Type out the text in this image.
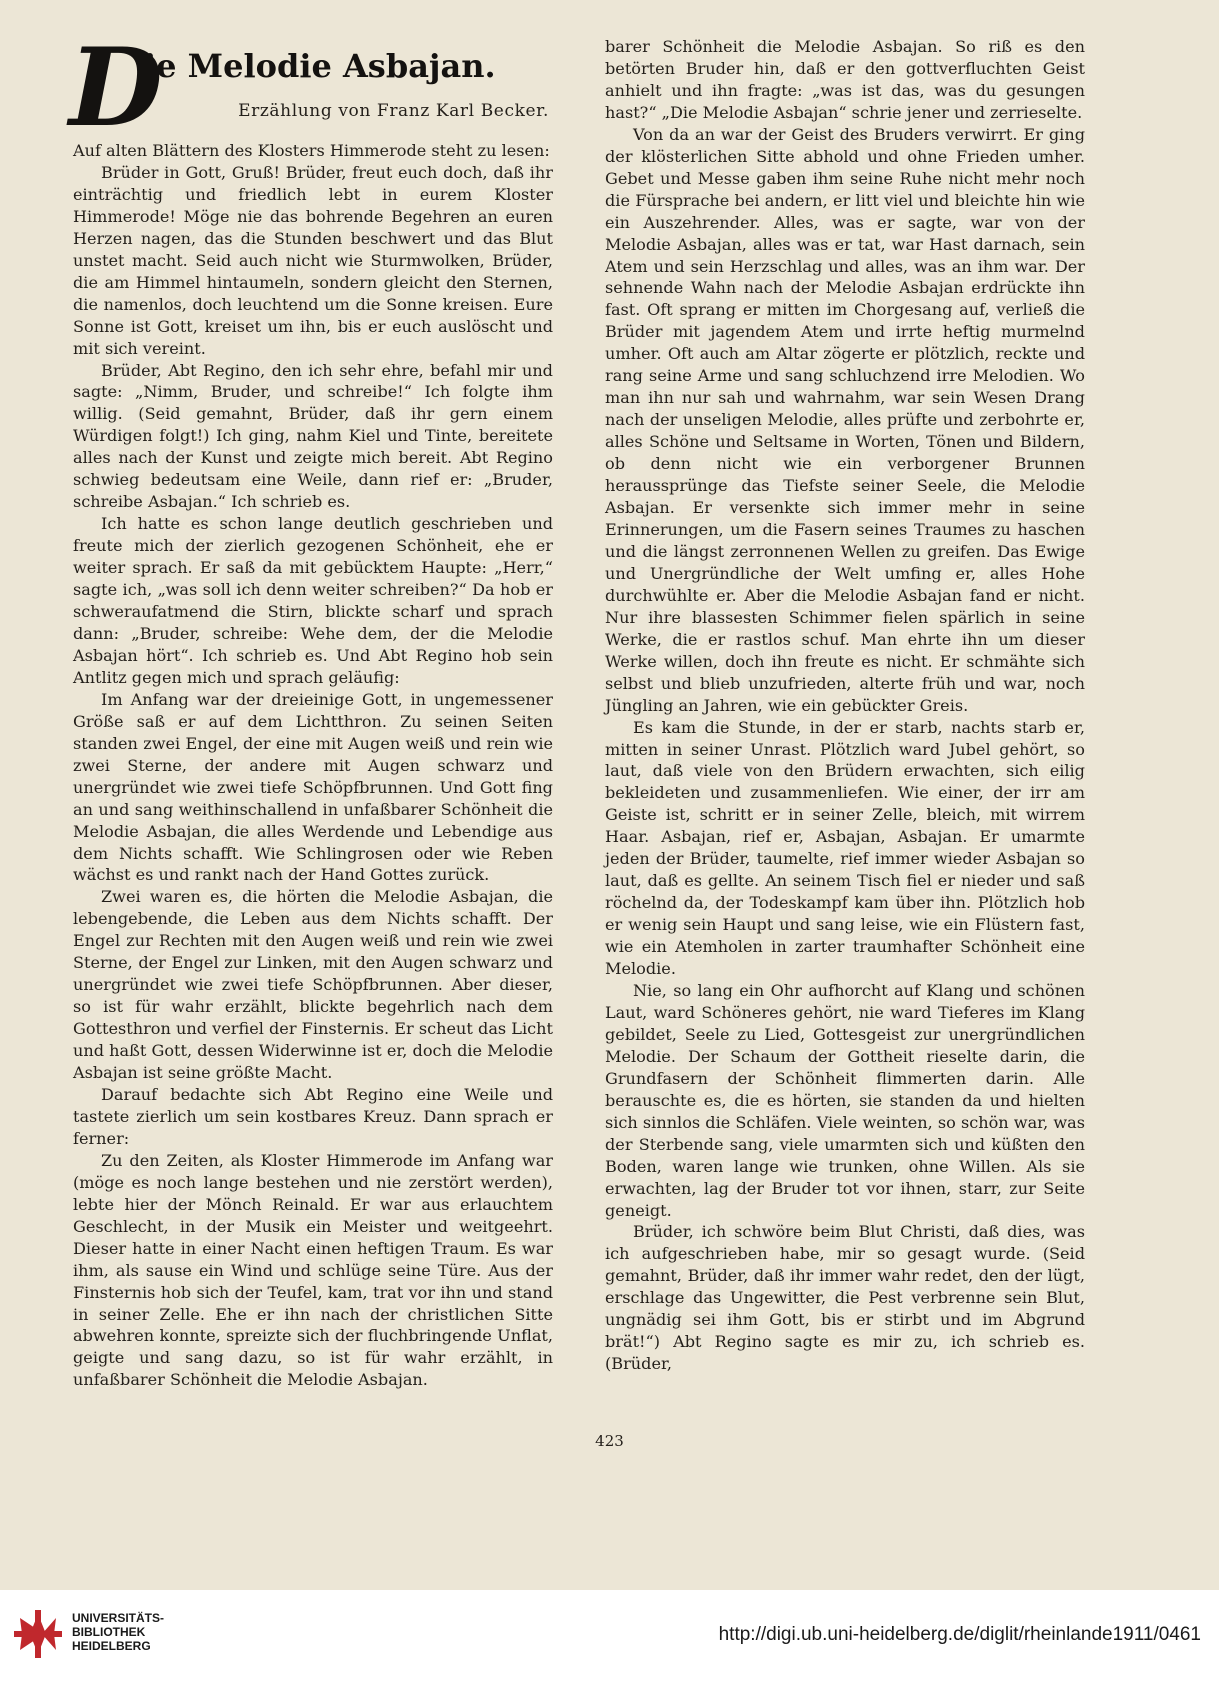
D
ie Melodie Asbajan.
Erzählung von Franz Karl Becker.

Auf alten Blättern des Klosters Himmerode steht zu lesen:

Brüder in Gott, Gruß! Brüder, freut euch doch, daß ihr einträchtig und friedlich lebt in eurem Kloster Himmerode! Möge nie das bohrende Begehren an euren Herzen nagen, das die Stunden beschwert und das Blut unstet macht. Seid auch nicht wie Sturmwolken, Brüder, die am Himmel hintaumeln, sondern gleicht den Sternen, die namenlos, doch leuchtend um die Sonne kreisen. Eure Sonne ist Gott, kreiset um ihn, bis er euch auslöscht und mit sich vereint.

Brüder, Abt Regino, den ich sehr ehre, befahl mir und sagte: „Nimm, Bruder, und schreibe!“ Ich folgte ihm willig. (Seid gemahnt, Brüder, daß ihr gern einem Würdigen folgt!) Ich ging, nahm Kiel und Tinte, bereitete alles nach der Kunst und zeigte mich bereit. Abt Regino schwieg bedeutsam eine Weile, dann rief er: „Bruder, schreibe Asbajan.“ Ich schrieb es.

Ich hatte es schon lange deutlich geschrieben und freute mich der zierlich gezogenen Schönheit, ehe er weiter sprach. Er saß da mit gebücktem Haupte: „Herr,“ sagte ich, „was soll ich denn weiter schreiben?“ Da hob er schweraufatmend die Stirn, blickte scharf und sprach dann: „Bruder, schreibe: Wehe dem, der die Melodie Asbajan hört“. Ich schrieb es. Und Abt Regino hob sein Antlitz gegen mich und sprach geläufig:

Im Anfang war der dreieinige Gott, in ungemessener Größe saß er auf dem Lichtthron. Zu seinen Seiten standen zwei Engel, der eine mit Augen weiß und rein wie zwei Sterne, der andere mit Augen schwarz und unergründet wie zwei tiefe Schöpfbrunnen. Und Gott fing an und sang weithinschallend in unfaßbarer Schönheit die Melodie Asbajan, die alles Werdende und Lebendige aus dem Nichts schafft. Wie Schlingrosen oder wie Reben wächst es und rankt nach der Hand Gottes zurück.

Zwei waren es, die hörten die Melodie Asbajan, die lebengebende, die Leben aus dem Nichts schafft. Der Engel zur Rechten mit den Augen weiß und rein wie zwei Sterne, der Engel zur Linken, mit den Augen schwarz und unergründet wie zwei tiefe Schöpfbrunnen. Aber dieser, so ist für wahr erzählt, blickte begehrlich nach dem Gottesthron und verfiel der Finsternis. Er scheut das Licht und haßt Gott, dessen Widerwinne ist er, doch die Melodie Asbajan ist seine größte Macht.

Darauf bedachte sich Abt Regino eine Weile und tastete zierlich um sein kostbares Kreuz. Dann sprach er ferner:

Zu den Zeiten, als Kloster Himmerode im Anfang war (möge es noch lange bestehen und nie zerstört werden), lebte hier der Mönch Reinald. Er war aus erlauchtem Geschlecht, in der Musik ein Meister und weitgeehrt. Dieser hatte in einer Nacht einen heftigen Traum. Es war ihm, als sause ein Wind und schlüge seine Türe. Aus der Finsternis hob sich der Teufel, kam, trat vor ihn und stand in seiner Zelle. Ehe er ihn nach der christlichen Sitte abwehren konnte, spreizte sich der fluchbringende Unflat, geigte und sang dazu, so ist für wahr erzählt, in unfaßbarer Schönheit die Melodie Asbajan.

barer Schönheit die Melodie Asbajan. So riß es den betörten Bruder hin, daß er den gottverfluchten Geist anhielt und ihn fragte: „was ist das, was du gesungen hast?“ „Die Melodie Asbajan“ schrie jener und zerrieselte.

Von da an war der Geist des Bruders verwirrt. Er ging der klösterlichen Sitte abhold und ohne Frieden umher. Gebet und Messe gaben ihm seine Ruhe nicht mehr noch die Fürsprache bei andern, er litt viel und bleichte hin wie ein Auszehrender. Alles, was er sagte, war von der Melodie Asbajan, alles was er tat, war Hast darnach, sein Atem und sein Herzschlag und alles, was an ihm war. Der sehnende Wahn nach der Melodie Asbajan erdrückte ihn fast. Oft sprang er mitten im Chorgesang auf, verließ die Brüder mit jagendem Atem und irrte heftig murmelnd umher. Oft auch am Altar zögerte er plötzlich, reckte und rang seine Arme und sang schluchzend irre Melodien. Wo man ihn nur sah und wahrnahm, war sein Wesen Drang nach der unseligen Melodie, alles prüfte und zerbohrte er, alles Schöne und Seltsame in Worten, Tönen und Bildern, ob denn nicht wie ein verborgener Brunnen heraussprünge das Tiefste seiner Seele, die Melodie Asbajan. Er versenkte sich immer mehr in seine Erinnerungen, um die Fasern seines Traumes zu haschen und die längst zerronnenen Wellen zu greifen. Das Ewige und Unergründliche der Welt umfing er, alles Hohe durchwühlte er. Aber die Melodie Asbajan fand er nicht. Nur ihre blassesten Schimmer fielen spärlich in seine Werke, die er rastlos schuf. Man ehrte ihn um dieser Werke willen, doch ihn freute es nicht. Er schmähte sich selbst und blieb unzufrieden, alterte früh und war, noch Jüngling an Jahren, wie ein gebückter Greis.

Es kam die Stunde, in der er starb, nachts starb er, mitten in seiner Unrast. Plötzlich ward Jubel gehört, so laut, daß viele von den Brüdern erwachten, sich eilig bekleideten und zusammenliefen. Wie einer, der irr am Geiste ist, schritt er in seiner Zelle, bleich, mit wirrem Haar. Asbajan, rief er, Asbajan, Asbajan. Er umarmte jeden der Brüder, taumelte, rief immer wieder Asbajan so laut, daß es gellte. An seinem Tisch fiel er nieder und saß röchelnd da, der Todeskampf kam über ihn. Plötzlich hob er wenig sein Haupt und sang leise, wie ein Flüstern fast, wie ein Atemholen in zarter traumhafter Schönheit eine Melodie.

Nie, so lang ein Ohr aufhorcht auf Klang und schönen Laut, ward Schöneres gehört, nie ward Tieferes im Klang gebildet, Seele zu Lied, Gottesgeist zur unergründlichen Melodie. Der Schaum der Gottheit rieselte darin, die Grundfasern der Schönheit flimmerten darin. Alle berauschte es, die es hörten, sie standen da und hielten sich sinnlos die Schläfen. Viele weinten, so schön war, was der Sterbende sang, viele umarmten sich und küßten den Boden, waren lange wie trunken, ohne Willen. Als sie erwachten, lag der Bruder tot vor ihnen, starr, zur Seite geneigt.

Brüder, ich schwöre beim Blut Christi, daß dies, was ich aufgeschrieben habe, mir so gesagt wurde. (Seid gemahnt, Brüder, daß ihr immer wahr redet, den der lügt, erschlage das Ungewitter, die Pest verbrenne sein Blut, ungnädig sei ihm Gott, bis er stirbt und im Abgrund brät!“) Abt Regino sagte es mir zu, ich schrieb es. (Brüder,

423
UNIVERSITÄTS-
BIBLIOTHEK
HEIDELBERG
http://digi.ub.uni-heidelberg.de/diglit/rheinlande1911/0461
